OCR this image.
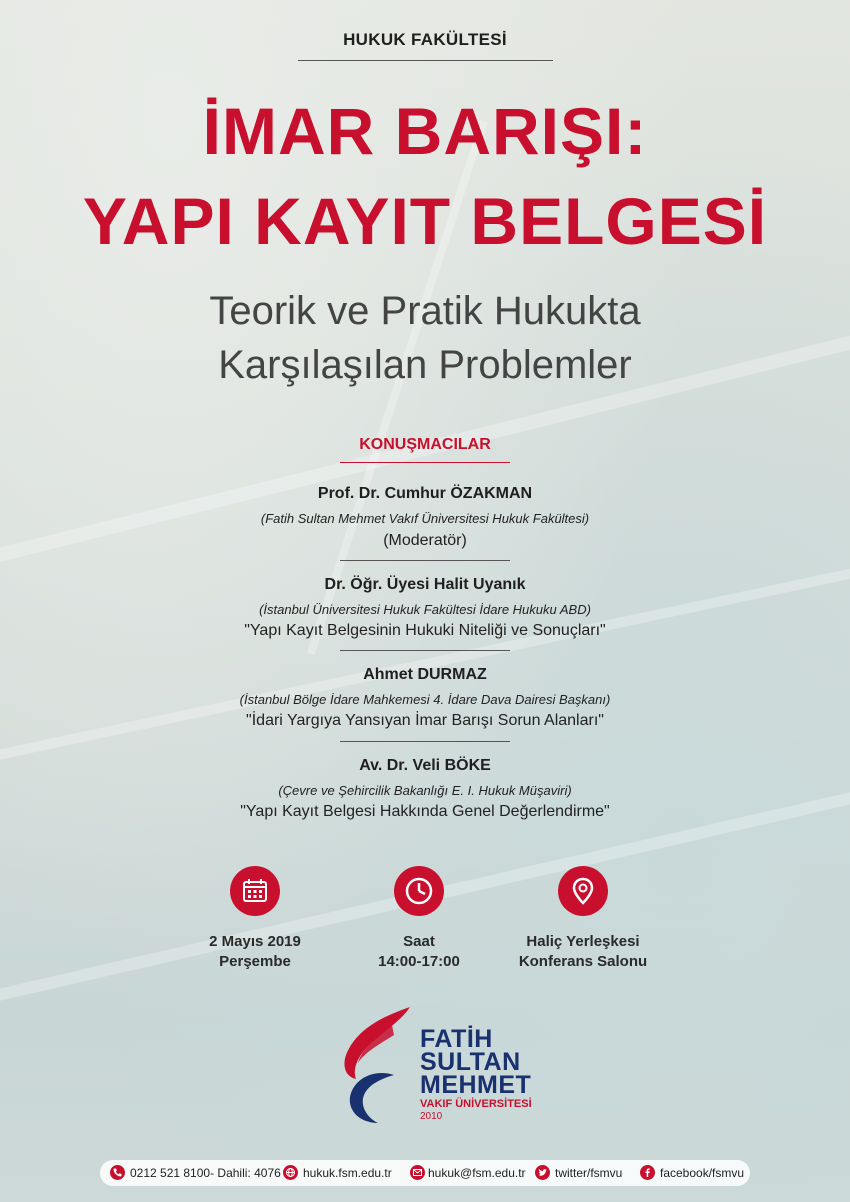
HUKUK FAKÜLTESİ
İMAR BARIŞI:
YAPI KAYIT BELGESİ
Teorik ve Pratik Hukukta
Karşılaşılan Problemler
KONUŞMACILAR
Prof. Dr. Cumhur ÖZAKMAN
(Fatih Sultan Mehmet Vakıf Üniversitesi Hukuk Fakültesi)
(Moderatör)
Dr. Öğr. Üyesi Halit Uyanık
(İstanbul Üniversitesi Hukuk Fakültesi İdare Hukuku ABD)
"Yapı Kayıt Belgesinin Hukuki Niteliği ve Sonuçları"
Ahmet DURMAZ
(İstanbul Bölge İdare Mahkemesi 4. İdare Dava Dairesi Başkanı)
"İdari Yargıya Yansıyan İmar Barışı Sorun Alanları"
Av. Dr. Veli BÖKE
(Çevre ve Şehircilik Bakanlığı E. I. Hukuk Müşaviri)
"Yapı Kayıt Belgesi Hakkında Genel Değerlendirme"
2 Mayıs 2019
Perşembe
Saat
14:00-17:00
Haliç Yerleşkesi
Konferans Salonu
FATİH
SULTAN
MEHMET
VAKIF ÜNİVERSİTESİ
2010
0212 521 8100- Dahili: 4076 hukuk.fsm.edu.tr	hukuk@fsm.edu.tr twitter/fsmvu	facebook/fsmvu
